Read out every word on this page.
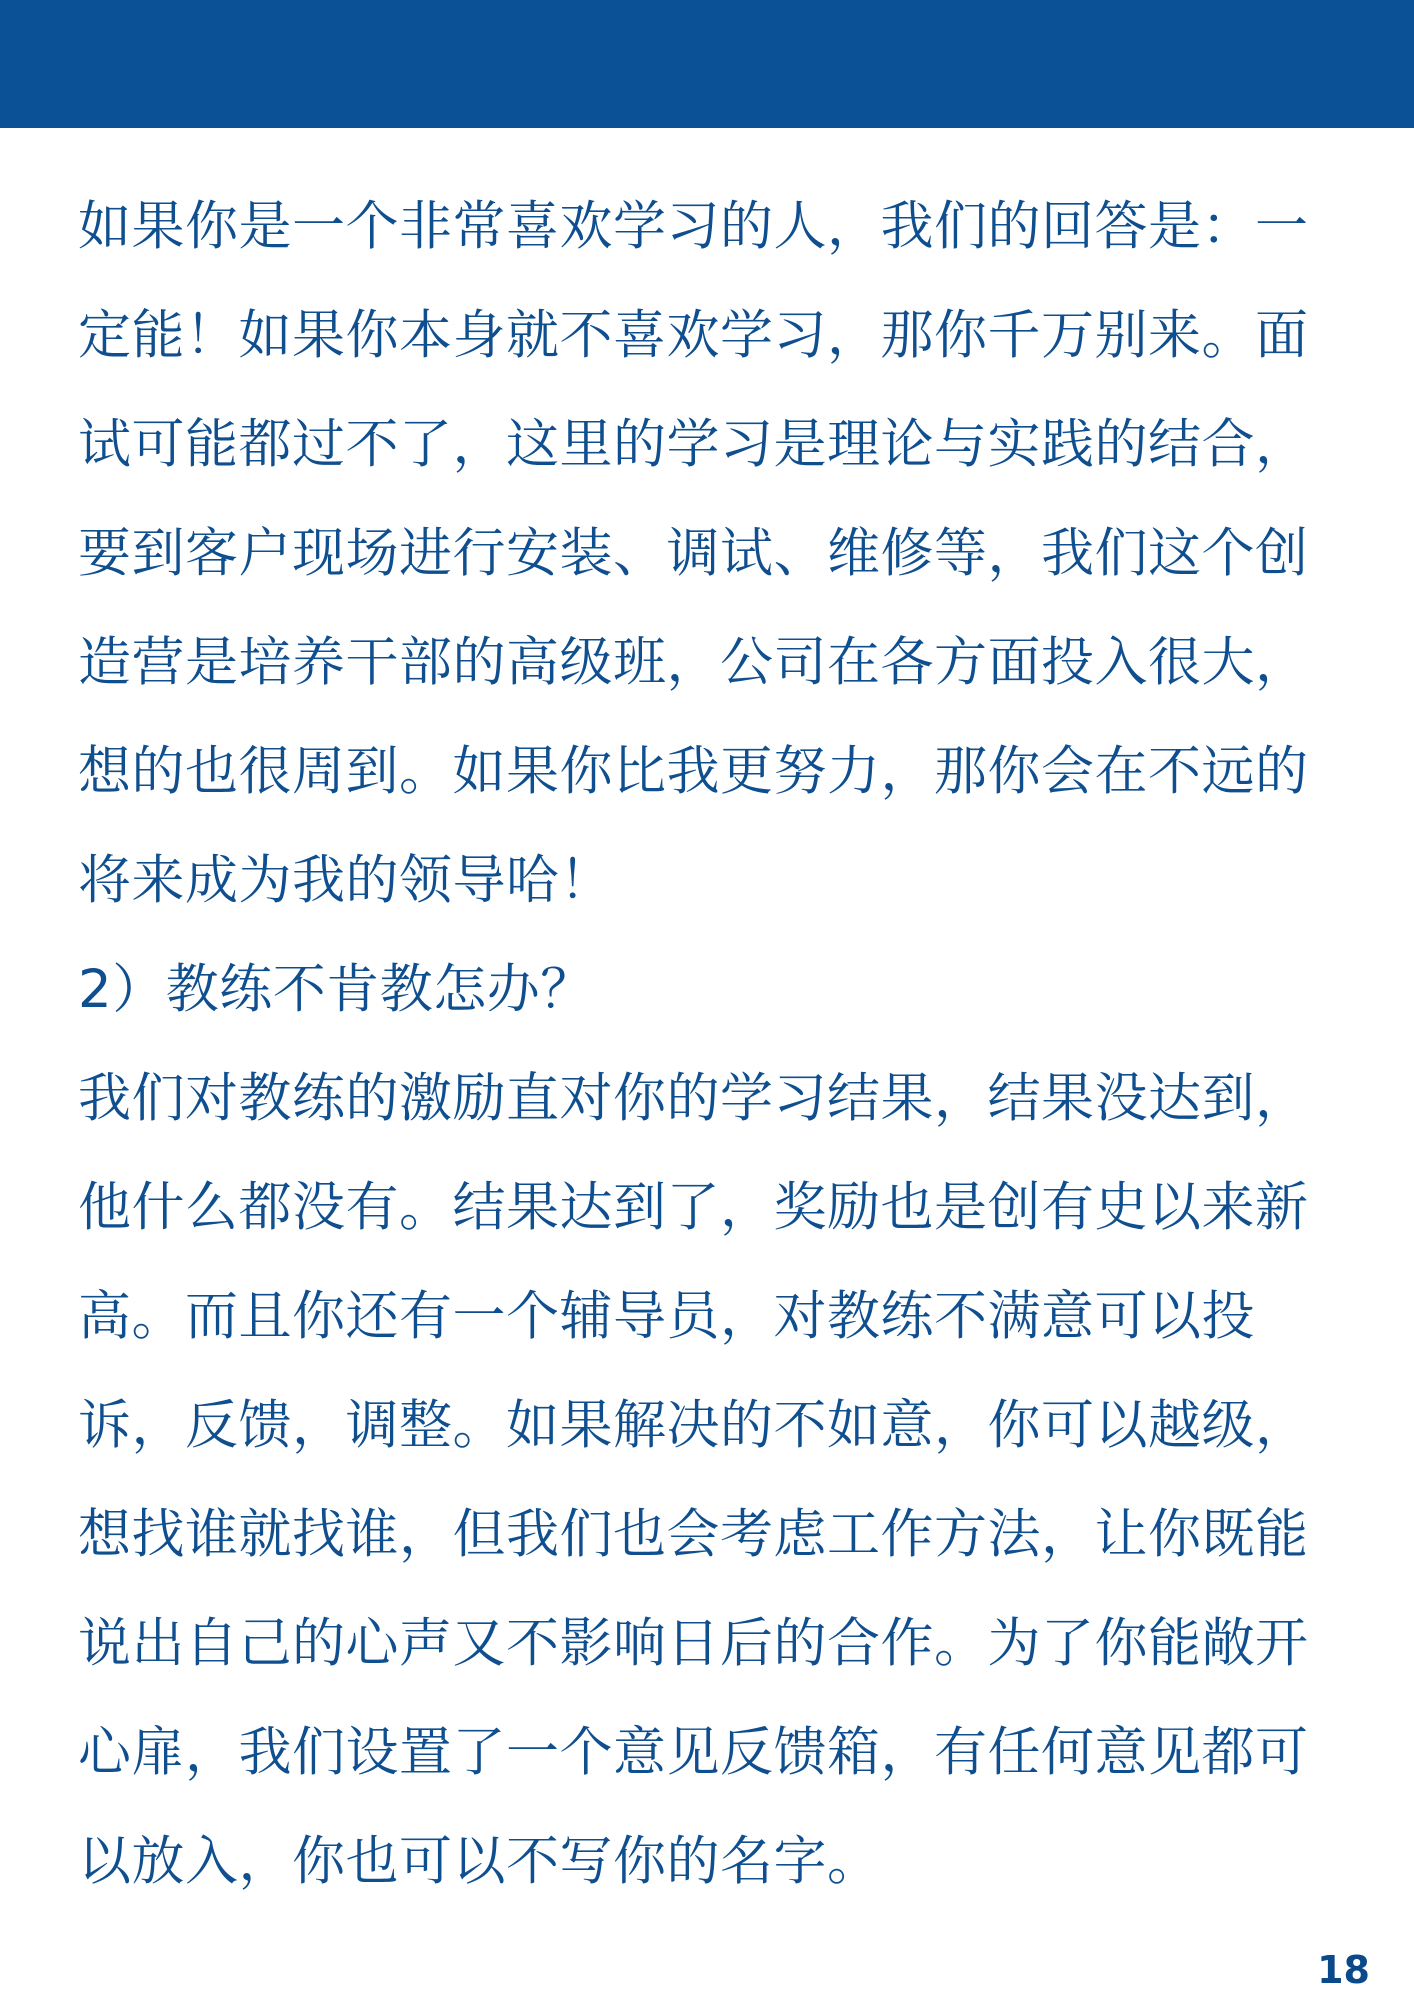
如果你是一个非常喜欢学习的人，我们的回答是：一
定能！如果你本身就不喜欢学习，那你千万别来。面
试可能都过不了，这里的学习是理论与实践的结合，
要到客户现场进行安装、调试、维修等，我们这个创
造营是培养干部的高级班，公司在各方面投入很大，
想的也很周到。如果你比我更努力，那你会在不远的
将来成为我的领导哈！
2）教练不肯教怎办？
我们对教练的激励直对你的学习结果，结果没达到，
他什么都没有。结果达到了，奖励也是创有史以来新
高。而且你还有一个辅导员，对教练不满意可以投
诉，反馈，调整。如果解决的不如意，你可以越级，
想找谁就找谁，但我们也会考虑工作方法，让你既能
说出自己的心声又不影响日后的合作。为了你能敞开
心扉，我们设置了一个意见反馈箱，有任何意见都可
以放入，你也可以不写你的名字。
18
